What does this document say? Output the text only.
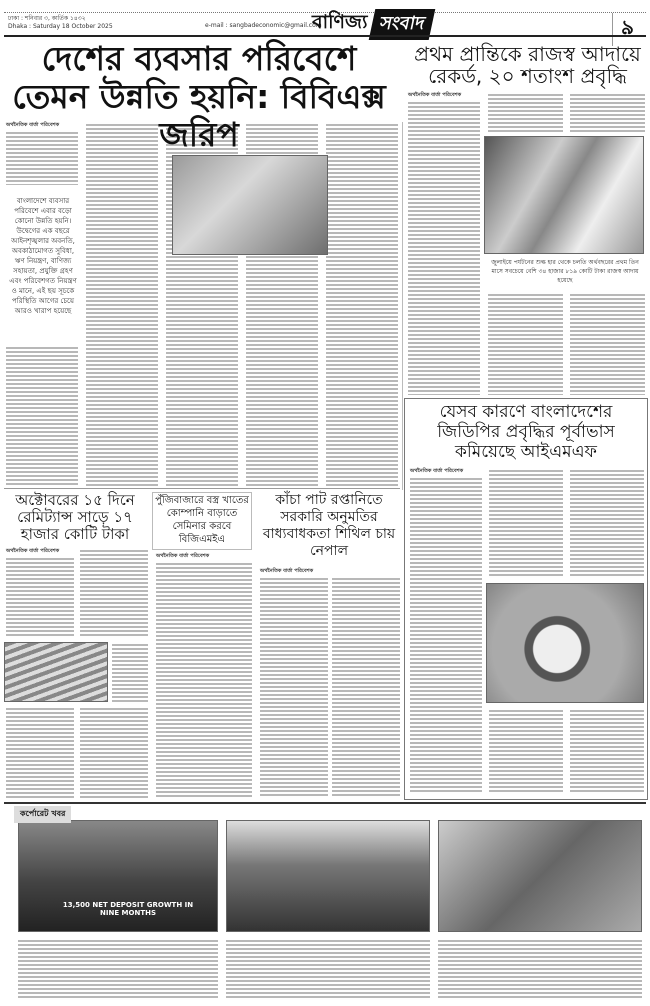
ঢাকা : শনিবার ৩, কার্তিক ১৪৩২
Dhaka : Saturday 18 October 2025	e-mail : sangbadeconomic@gmail.com
বাণিজ্য সংবাদ	৯
দেশের ব্যবসার পরিবেশে তেমন উন্নতি হয়নি: বিবিএক্স জরিপ
অর্থনৈতিক বার্তা পরিবেশক
বাংলাদেশে ব্যবসার পরিবেশে এবার বড়ো কোনো উন্নতি হয়নি। উদ্বেগের এক বছরে আইনশৃঙ্খলার অবনতি, অবকাঠামোগত সুবিধা, ঋণ নিয়ন্ত্রণ, বাণিজ্য সহায়তা, প্রযুক্তি গ্রহণ এবং পরিবেশগত নিয়ন্ত্রণ ও মানে, এই ছয় সূচকে পরিস্থিতি আগের চেয়ে আরও খারাপ হয়েছে
প্রথম প্রান্তিকে রাজস্ব আদায়ে রেকর্ড, ২০ শতাংশ প্রবৃদ্ধি
অর্থনৈতিক বার্তা পরিবেশক
জুলাইয়ে পর্যটনের শুল্ক হার থেকে চলতি অর্থবছরের প্রথম তিন মাসে সবচেয়ে বেশি ৩৪ হাজার ৮১৯ কোটি টাকা রাজস্ব আদায় হয়েছে
যেসব কারণে বাংলাদেশের জিডিপির প্রবৃদ্ধির পূর্বাভাস কমিয়েছে আইএমএফ
অর্থনৈতিক বার্তা পরিবেশক
অক্টোবরের ১৫ দিনে রেমিট্যান্স সাড়ে ১৭ হাজার কোটি টাকা
অর্থনৈতিক বার্তা পরিবেশক
পুঁজিবাজারে বস্ত্র খাতের কোম্পানি বাড়াতে সেমিনার করবে বিজিএমইএ
অর্থনৈতিক বার্তা পরিবেশক
কাঁচা পাট রপ্তানিতে সরকারি অনুমতির বাধ্যবাধকতা শিথিল চায় নেপাল
অর্থনৈতিক বার্তা পরিবেশক
কর্পোরেট খবর
13,500 NET DEPOSIT GROWTH IN NINE MONTHS
